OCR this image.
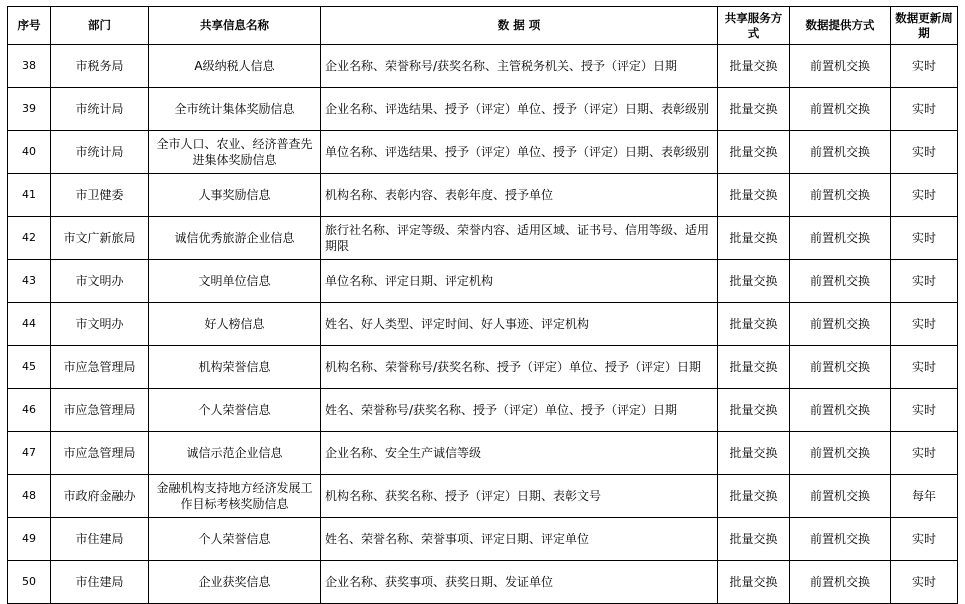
序号	部门	共享信息名称	数 据 项	共享服务方式	数据提供方式	数据更新周期
38	市税务局	A级纳税人信息	企业名称、荣誉称号/获奖名称、主管税务机关、授予（评定）日期	批量交换	前置机交换	实时
39	市统计局	全市统计集体奖励信息	企业名称、评选结果、授予（评定）单位、授予（评定）日期、表彰级别	批量交换	前置机交换	实时
40	市统计局	全市人口、农业、经济普查先进集体奖励信息	单位名称、评选结果、授予（评定）单位、授予（评定）日期、表彰级别	批量交换	前置机交换	实时
41	市卫健委	人事奖励信息	机构名称、表彰内容、表彰年度、授予单位	批量交换	前置机交换	实时
42	市文广新旅局	诚信优秀旅游企业信息	旅行社名称、评定等级、荣誉内容、适用区域、证书号、信用等级、适用期限	批量交换	前置机交换	实时
43	市文明办	文明单位信息	单位名称、评定日期、评定机构	批量交换	前置机交换	实时
44	市文明办	好人榜信息	姓名、好人类型、评定时间、好人事迹、评定机构	批量交换	前置机交换	实时
45	市应急管理局	机构荣誉信息	机构名称、荣誉称号/获奖名称、授予（评定）单位、授予（评定）日期	批量交换	前置机交换	实时
46	市应急管理局	个人荣誉信息	姓名、荣誉称号/获奖名称、授予（评定）单位、授予（评定）日期	批量交换	前置机交换	实时
47	市应急管理局	诚信示范企业信息	企业名称、安全生产诚信等级	批量交换	前置机交换	实时
48	市政府金融办	金融机构支持地方经济发展工作目标考核奖励信息	机构名称、获奖名称、授予（评定）日期、表彰文号	批量交换	前置机交换	每年
49	市住建局	个人荣誉信息	姓名、荣誉名称、荣誉事项、评定日期、评定单位	批量交换	前置机交换	实时
50	市住建局	企业获奖信息	企业名称、获奖事项、获奖日期、发证单位	批量交换	前置机交换	实时
